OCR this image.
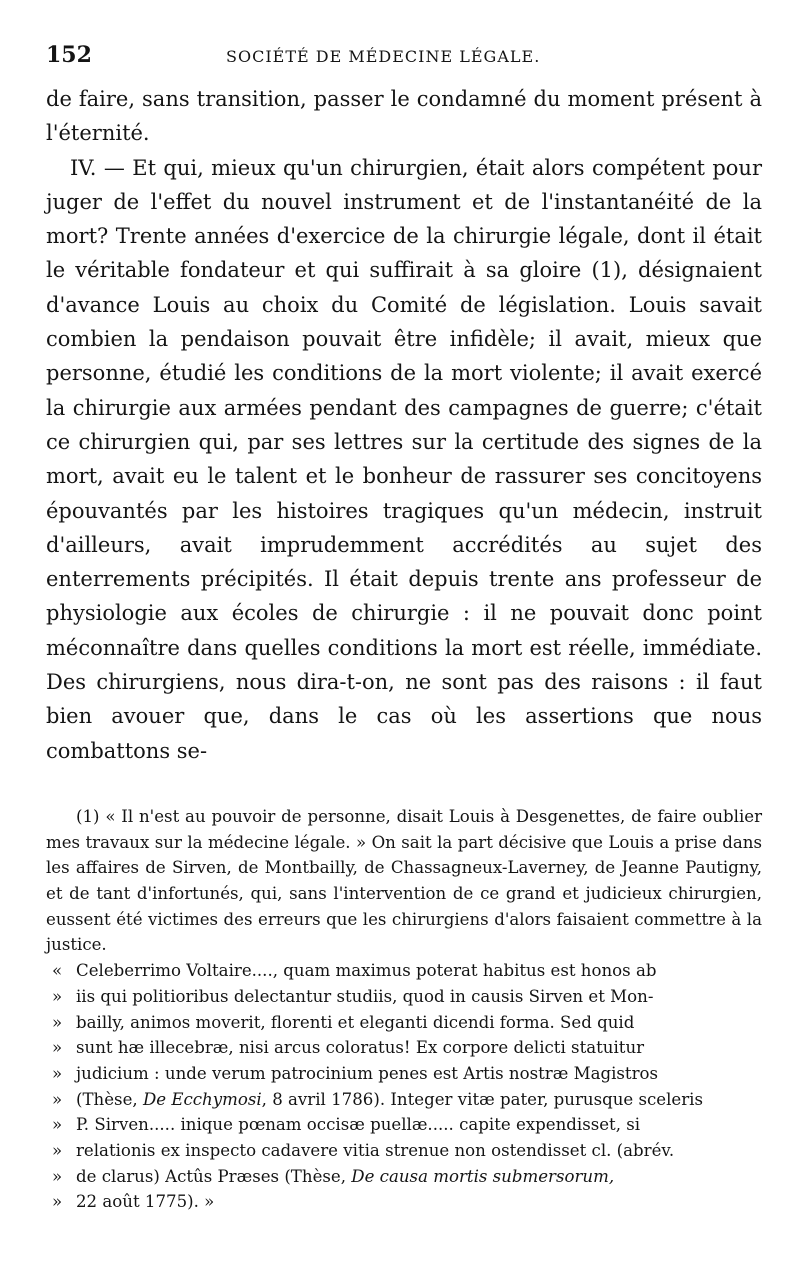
152	SOCIÉTÉ DE MÉDECINE LÉGALE.

de faire, sans transition, passer le condamné du moment présent à l'éternité.

IV. — Et qui, mieux qu'un chirurgien, était alors compétent pour juger de l'effet du nouvel instrument et de l'instantanéité de la mort? Trente années d'exercice de la chirurgie légale, dont il était le véritable fondateur et qui suffirait à sa gloire (1), désignaient d'avance Louis au choix du Comité de législation. Louis savait combien la pendaison pouvait être infidèle; il avait, mieux que personne, étudié les conditions de la mort violente; il avait exercé la chirurgie aux armées pendant des campagnes de guerre; c'était ce chirurgien qui, par ses lettres sur la certitude des signes de la mort, avait eu le talent et le bonheur de rassurer ses concitoyens épouvantés par les histoires tragiques qu'un médecin, instruit d'ailleurs, avait imprudemment accrédités au sujet des enterrements précipités. Il était depuis trente ans professeur de physiologie aux écoles de chirurgie : il ne pouvait donc point méconnaître dans quelles conditions la mort est réelle, immédiate. Des chirurgiens, nous dira-t-on, ne sont pas des raisons : il faut bien avouer que, dans le cas où les assertions que nous combattons se-

(1) « Il n'est au pouvoir de personne, disait Louis à Desgenettes, de faire oublier mes travaux sur la médecine légale. » On sait la part décisive que Louis a prise dans les affaires de Sirven, de Montbailly, de Chassagneux-Laverney, de Jeanne Pautigny, et de tant d'infortunés, qui, sans l'intervention de ce grand et judicieux chirurgien, eussent été victimes des erreurs que les chirurgiens d'alors faisaient commettre à la justice.

« Celeberrimo Voltaire...., quam maximus poterat habitus est honos ab
» iis qui politioribus delectantur studiis, quod in causis Sirven et Mon-
» bailly, animos moverit, florenti et eleganti dicendi forma. Sed quid
» sunt hæ illecebræ, nisi arcus coloratus! Ex corpore delicti statuitur
» judicium : unde verum patrocinium penes est Artis nostræ Magistros
» (Thèse, De Ecchymosi, 8 avril 1786). Integer vitæ pater, purusque sceleris
» P. Sirven..... inique pœnam occisæ puellæ..... capite expendisset, si
» relationis ex inspecto cadavere vitia strenue non ostendisset cl. (abrév.
» de clarus) Actûs Præses (Thèse, De causa mortis submersorum,
» 22 août 1775). »
